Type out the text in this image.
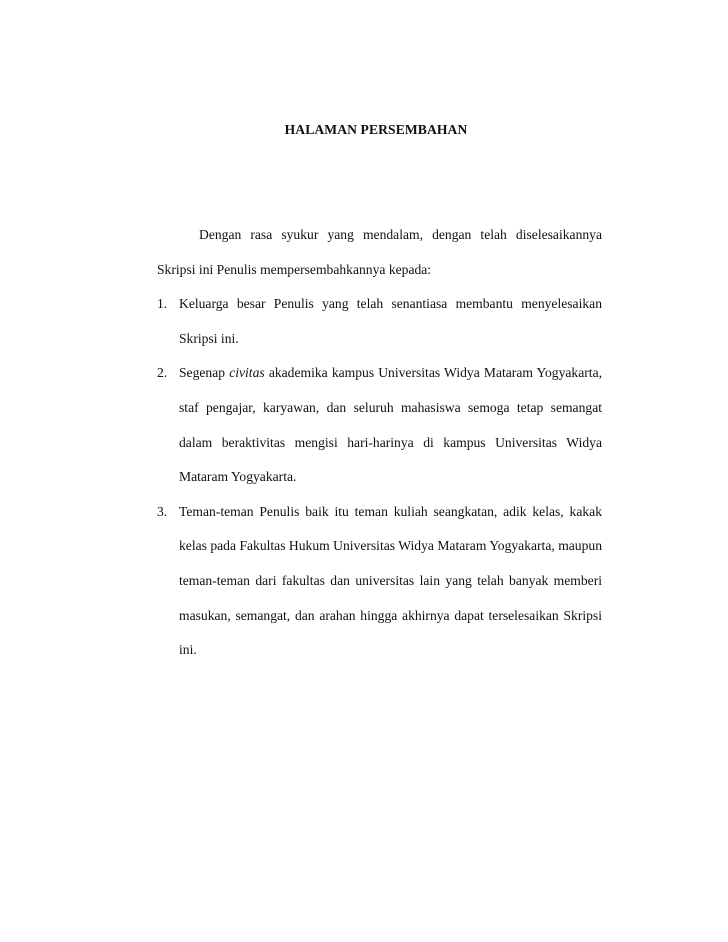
HALAMAN PERSEMBAHAN

Dengan rasa syukur yang mendalam, dengan telah diselesaikannya Skripsi ini Penulis mempersembahkannya kepada:

1. Keluarga besar Penulis yang telah senantiasa membantu menyelesaikan Skripsi ini.
2. Segenap civitas akademika kampus Universitas Widya Mataram Yogyakarta, staf pengajar, karyawan, dan seluruh mahasiswa semoga tetap semangat dalam beraktivitas mengisi hari-harinya di kampus Universitas Widya Mataram Yogyakarta.
3. Teman-teman Penulis baik itu teman kuliah seangkatan, adik kelas, kakak kelas pada Fakultas Hukum Universitas Widya Mataram Yogyakarta, maupun teman-teman dari fakultas dan universitas lain yang telah banyak memberi masukan, semangat, dan arahan hingga akhirnya dapat terselesaikan Skripsi ini.
